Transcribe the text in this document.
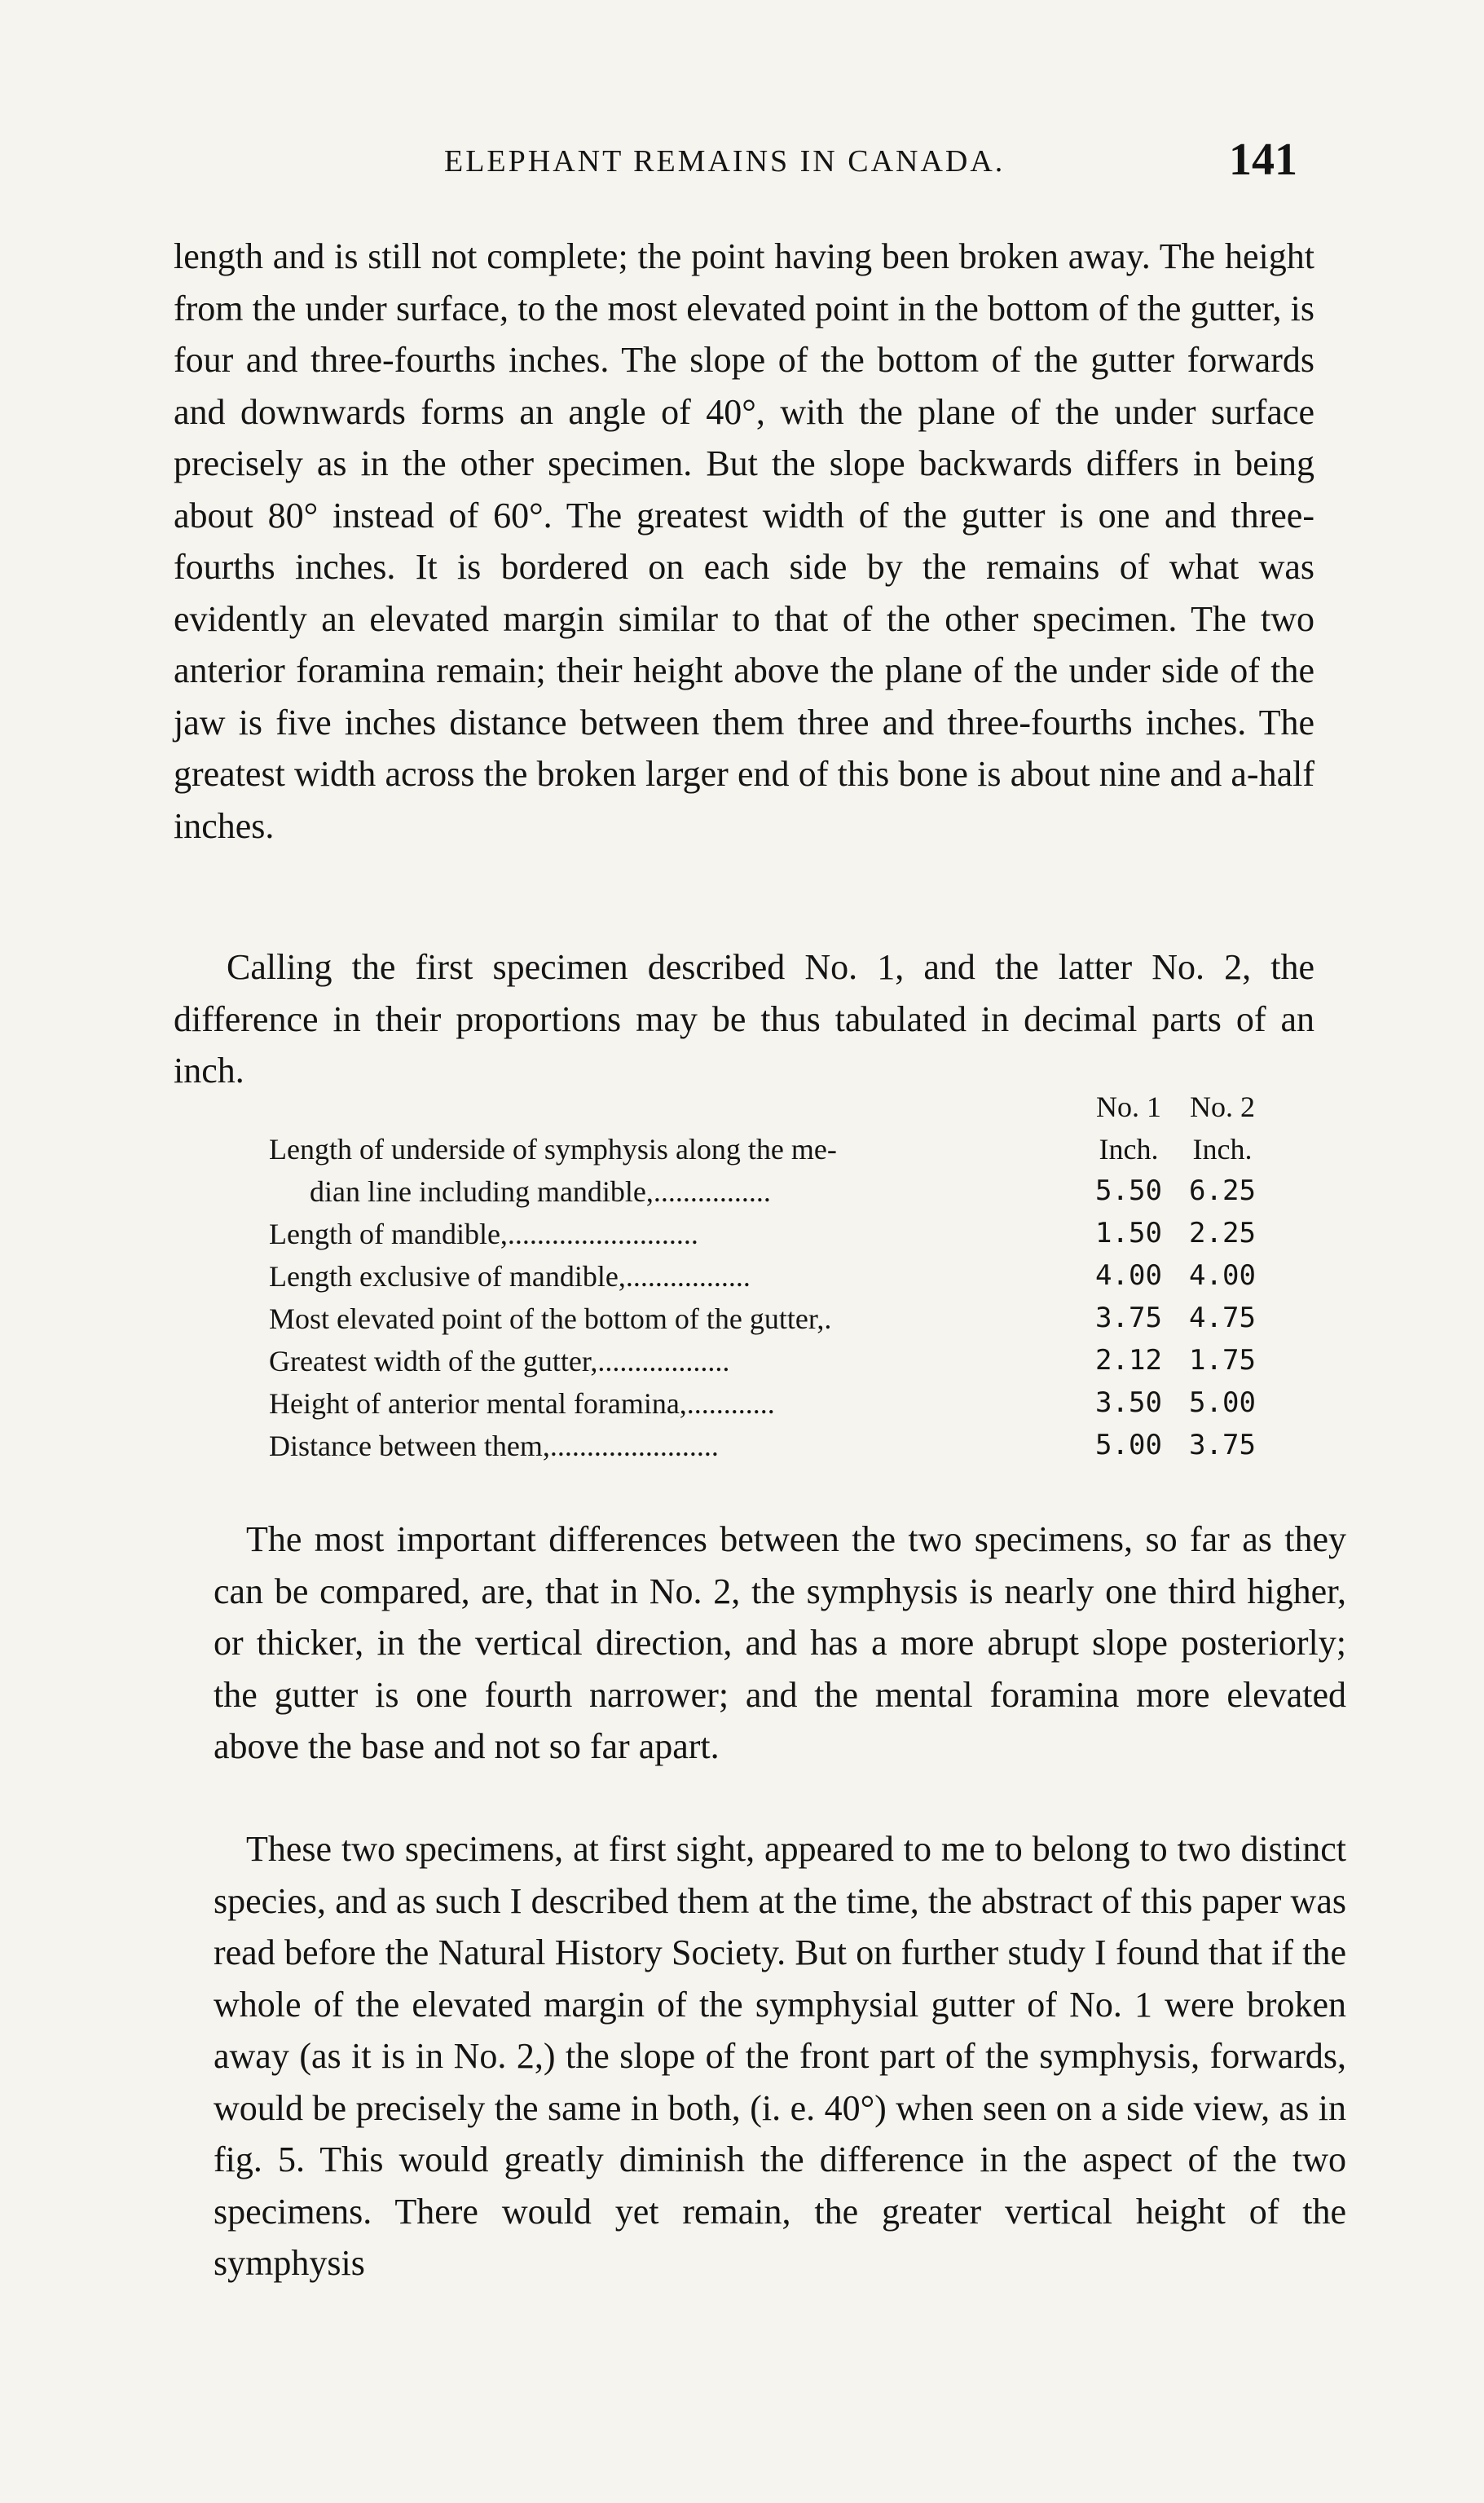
ELEPHANT REMAINS IN CANADA.	141

length and is still not complete; the point having been broken away. The height from the under surface, to the most elevated point in the bottom of the gutter, is four and three-fourths inches. The slope of the bottom of the gutter forwards and downwards forms an angle of 40°, with the plane of the under surface precisely as in the other specimen. But the slope backwards differs in being about 80° instead of 60°. The greatest width of the gutter is one and three-fourths inches. It is bordered on each side by the remains of what was evidently an elevated margin similar to that of the other specimen. The two anterior foramina remain; their height above the plane of the under side of the jaw is five inches distance between them three and three-fourths inches. The greatest width across the broken larger end of this bone is about nine and a-half inches.

Calling the first specimen described No. 1, and the latter No. 2, the difference in their proportions may be thus tabulated in decimal parts of an inch.

No. 1 No. 2
Length of underside of symphysis along the me-	Inch.	Inch.
dian line including mandible,................	5.50 6.25
Length of mandible,..........................	1.50 2.25
Length exclusive of mandible,.................	4.00 4.00
Most elevated point of the bottom of the gutter,.	3.75 4.75
Greatest width of the gutter,..................	2.12 1.75
Height of anterior mental foramina,............	3.50 5.00
Distance between them,.......................	5.00 3.75

The most important differences between the two specimens, so far as they can be compared, are, that in No. 2, the symphysis is nearly one third higher, or thicker, in the vertical direction, and has a more abrupt slope posteriorly; the gutter is one fourth narrower; and the mental foramina more elevated above the base and not so far apart.

These two specimens, at first sight, appeared to me to belong to two distinct species, and as such I described them at the time, the abstract of this paper was read before the Natural History Society. But on further study I found that if the whole of the elevated margin of the symphysial gutter of No. 1 were broken away (as it is in No. 2,) the slope of the front part of the symphysis, forwards, would be precisely the same in both, (i. e. 40°) when seen on a side view, as in fig. 5. This would greatly diminish the difference in the aspect of the two specimens. There would yet remain, the greater vertical height of the symphysis
